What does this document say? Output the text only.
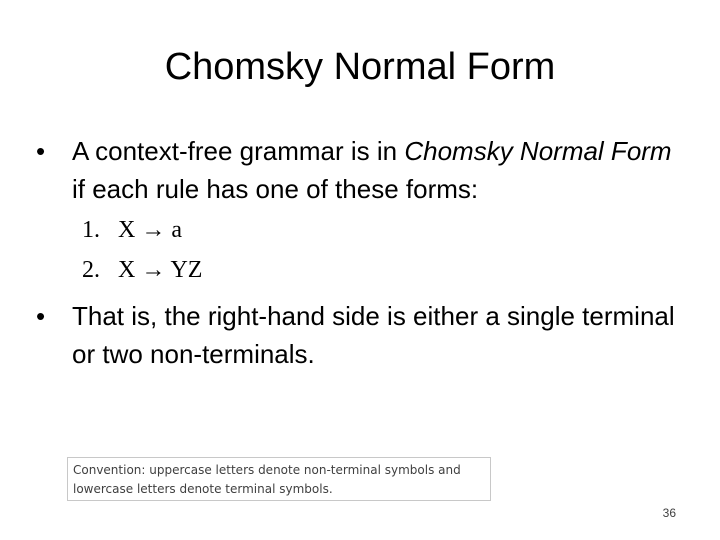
Chomsky Normal Form
•	A context-free grammar is in Chomsky Normal Form if each rule has one of these forms:
1. X → a
2. X → YZ
•	That is, the right-hand side is either a single terminal or two non-terminals.
Convention: uppercase letters denote non-terminal symbols and lowercase letters denote terminal symbols.
36
